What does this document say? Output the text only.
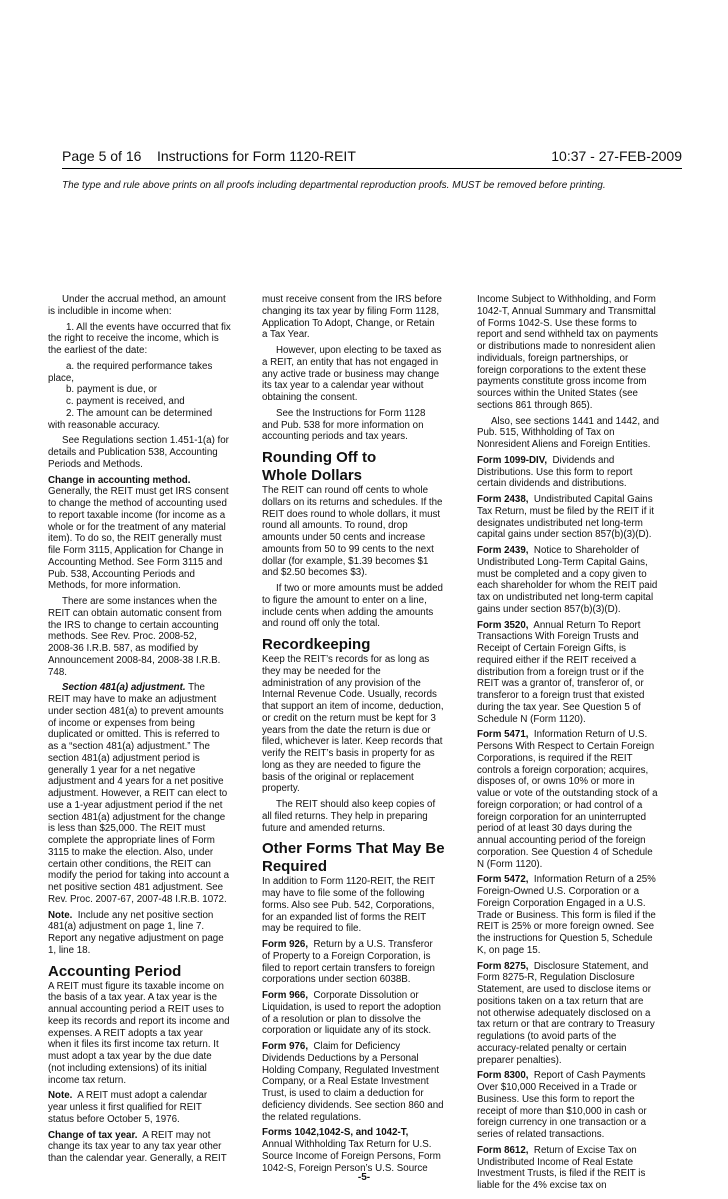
Page 5 of 16    Instructions for Form 1120-REIT	10:37 - 27-FEB-2009
The type and rule above prints on all proofs including departmental reproduction proofs. MUST be removed before printing.
Under the accrual method, an amount
is includible in income when:
1. All the events have occurred that fix
the right to receive the income, which is
the earliest of the date:
a. the required performance takes
place,
b. payment is due, or
c. payment is received, and
2. The amount can be determined
with reasonable accuracy.
See Regulations section 1.451-1(a) for
details and Publication 538, Accounting
Periods and Methods.
Change in accounting method.
Generally, the REIT must get IRS consent
to change the method of accounting used
to report taxable income (for income as a
whole or for the treatment of any material
item). To do so, the REIT generally must
file Form 3115, Application for Change in
Accounting Method. See Form 3115 and
Pub. 538, Accounting Periods and
Methods, for more information.
There are some instances when the
REIT can obtain automatic consent from
the IRS to change to certain accounting
methods. See Rev. Proc. 2008-52,
2008-36 I.R.B. 587, as modified by
Announcement 2008-84, 2008-38 I.R.B.
748.
Section 481(a) adjustment. The
REIT may have to make an adjustment
under section 481(a) to prevent amounts
of income or expenses from being
duplicated or omitted. This is referred to
as a “section 481(a) adjustment.” The
section 481(a) adjustment period is
generally 1 year for a net negative
adjustment and 4 years for a net positive
adjustment. However, a REIT can elect to
use a 1-year adjustment period if the net
section 481(a) adjustment for the change
is less than $25,000. The REIT must
complete the appropriate lines of Form
3115 to make the election. Also, under
certain other conditions, the REIT can
modify the period for taking into account a
net positive section 481 adjustment. See
Rev. Proc. 2007-67, 2007-48 I.R.B. 1072.
Note.  Include any net positive section
481(a) adjustment on page 1, line 7.
Report any negative adjustment on page
1, line 18.
Accounting Period
A REIT must figure its taxable income on
the basis of a tax year. A tax year is the
annual accounting period a REIT uses to
keep its records and report its income and
expenses. A REIT adopts a tax year
when it files its first income tax return. It
must adopt a tax year by the due date
(not including extensions) of its initial
income tax return.
Note.  A REIT must adopt a calendar
year unless it first qualified for REIT
status before October 5, 1976.
Change of tax year.  A REIT may not
change its tax year to any tax year other
than the calendar year. Generally, a REIT
must receive consent from the IRS before
changing its tax year by filing Form 1128,
Application To Adopt, Change, or Retain
a Tax Year.
However, upon electing to be taxed as
a REIT, an entity that has not engaged in
any active trade or business may change
its tax year to a calendar year without
obtaining the consent.
See the Instructions for Form 1128
and Pub. 538 for more information on
accounting periods and tax years.
Rounding Off to
Whole Dollars
The REIT can round off cents to whole
dollars on its returns and schedules. If the
REIT does round to whole dollars, it must
round all amounts. To round, drop
amounts under 50 cents and increase
amounts from 50 to 99 cents to the next
dollar (for example, $1.39 becomes $1
and $2.50 becomes $3).
If two or more amounts must be added
to figure the amount to enter on a line,
include cents when adding the amounts
and round off only the total.
Recordkeeping
Keep the REIT’s records for as long as
they may be needed for the
administration of any provision of the
Internal Revenue Code. Usually, records
that support an item of income, deduction,
or credit on the return must be kept for 3
years from the date the return is due or
filed, whichever is later. Keep records that
verify the REIT’s basis in property for as
long as they are needed to figure the
basis of the original or replacement
property.
The REIT should also keep copies of
all filed returns. They help in preparing
future and amended returns.
Other Forms That May Be
Required
In addition to Form 1120-REIT, the REIT
may have to file some of the following
forms. Also see Pub. 542, Corporations,
for an expanded list of forms the REIT
may be required to file.
Form 926,  Return by a U.S. Transferor
of Property to a Foreign Corporation, is
filed to report certain transfers to foreign
corporations under section 6038B.
Form 966,  Corporate Dissolution or
Liquidation, is used to report the adoption
of a resolution or plan to dissolve the
corporation or liquidate any of its stock.
Form 976,  Claim for Deficiency
Dividends Deductions by a Personal
Holding Company, Regulated Investment
Company, or a Real Estate Investment
Trust, is used to claim a deduction for
deficiency dividends. See section 860 and
the related regulations.
Forms 1042,1042-S, and 1042-T,
Annual Withholding Tax Return for U.S.
Source Income of Foreign Persons, Form
1042-S, Foreign Person’s U.S. Source
Income Subject to Withholding, and Form
1042-T, Annual Summary and Transmittal
of Forms 1042-S. Use these forms to
report and send withheld tax on payments
or distributions made to nonresident alien
individuals, foreign partnerships, or
foreign corporations to the extent these
payments constitute gross income from
sources within the United States (see
sections 861 through 865).
Also, see sections 1441 and 1442, and
Pub. 515, Withholding of Tax on
Nonresident Aliens and Foreign Entities.
Form 1099-DIV,  Dividends and
Distributions. Use this form to report
certain dividends and distributions.
Form 2438,  Undistributed Capital Gains
Tax Return, must be filed by the REIT if it
designates undistributed net long-term
capital gains under section 857(b)(3)(D).
Form 2439,  Notice to Shareholder of
Undistributed Long-Term Capital Gains,
must be completed and a copy given to
each shareholder for whom the REIT paid
tax on undistributed net long-term capital
gains under section 857(b)(3)(D).
Form 3520,  Annual Return To Report
Transactions With Foreign Trusts and
Receipt of Certain Foreign Gifts, is
required either if the REIT received a
distribution from a foreign trust or if the
REIT was a grantor of, transferor of, or
transferor to a foreign trust that existed
during the tax year. See Question 5 of
Schedule N (Form 1120).
Form 5471,  Information Return of U.S.
Persons With Respect to Certain Foreign
Corporations, is required if the REIT
controls a foreign corporation; acquires,
disposes of, or owns 10% or more in
value or vote of the outstanding stock of a
foreign corporation; or had control of a
foreign corporation for an uninterrupted
period of at least 30 days during the
annual accounting period of the foreign
corporation. See Question 4 of Schedule
N (Form 1120).
Form 5472,  Information Return of a 25%
Foreign-Owned U.S. Corporation or a
Foreign Corporation Engaged in a U.S.
Trade or Business. This form is filed if the
REIT is 25% or more foreign owned. See
the instructions for Question 5, Schedule
K, on page 15.
Form 8275,  Disclosure Statement, and
Form 8275-R, Regulation Disclosure
Statement, are used to disclose items or
positions taken on a tax return that are
not otherwise adequately disclosed on a
tax return or that are contrary to Treasury
regulations (to avoid parts of the
accuracy-related penalty or certain
preparer penalties).
Form 8300,  Report of Cash Payments
Over $10,000 Received in a Trade or
Business. Use this form to report the
receipt of more than $10,000 in cash or
foreign currency in one transaction or a
series of related transactions.
Form 8612,  Return of Excise Tax on
Undistributed Income of Real Estate
Investment Trusts, is filed if the REIT is
liable for the 4% excise tax on
-5-
